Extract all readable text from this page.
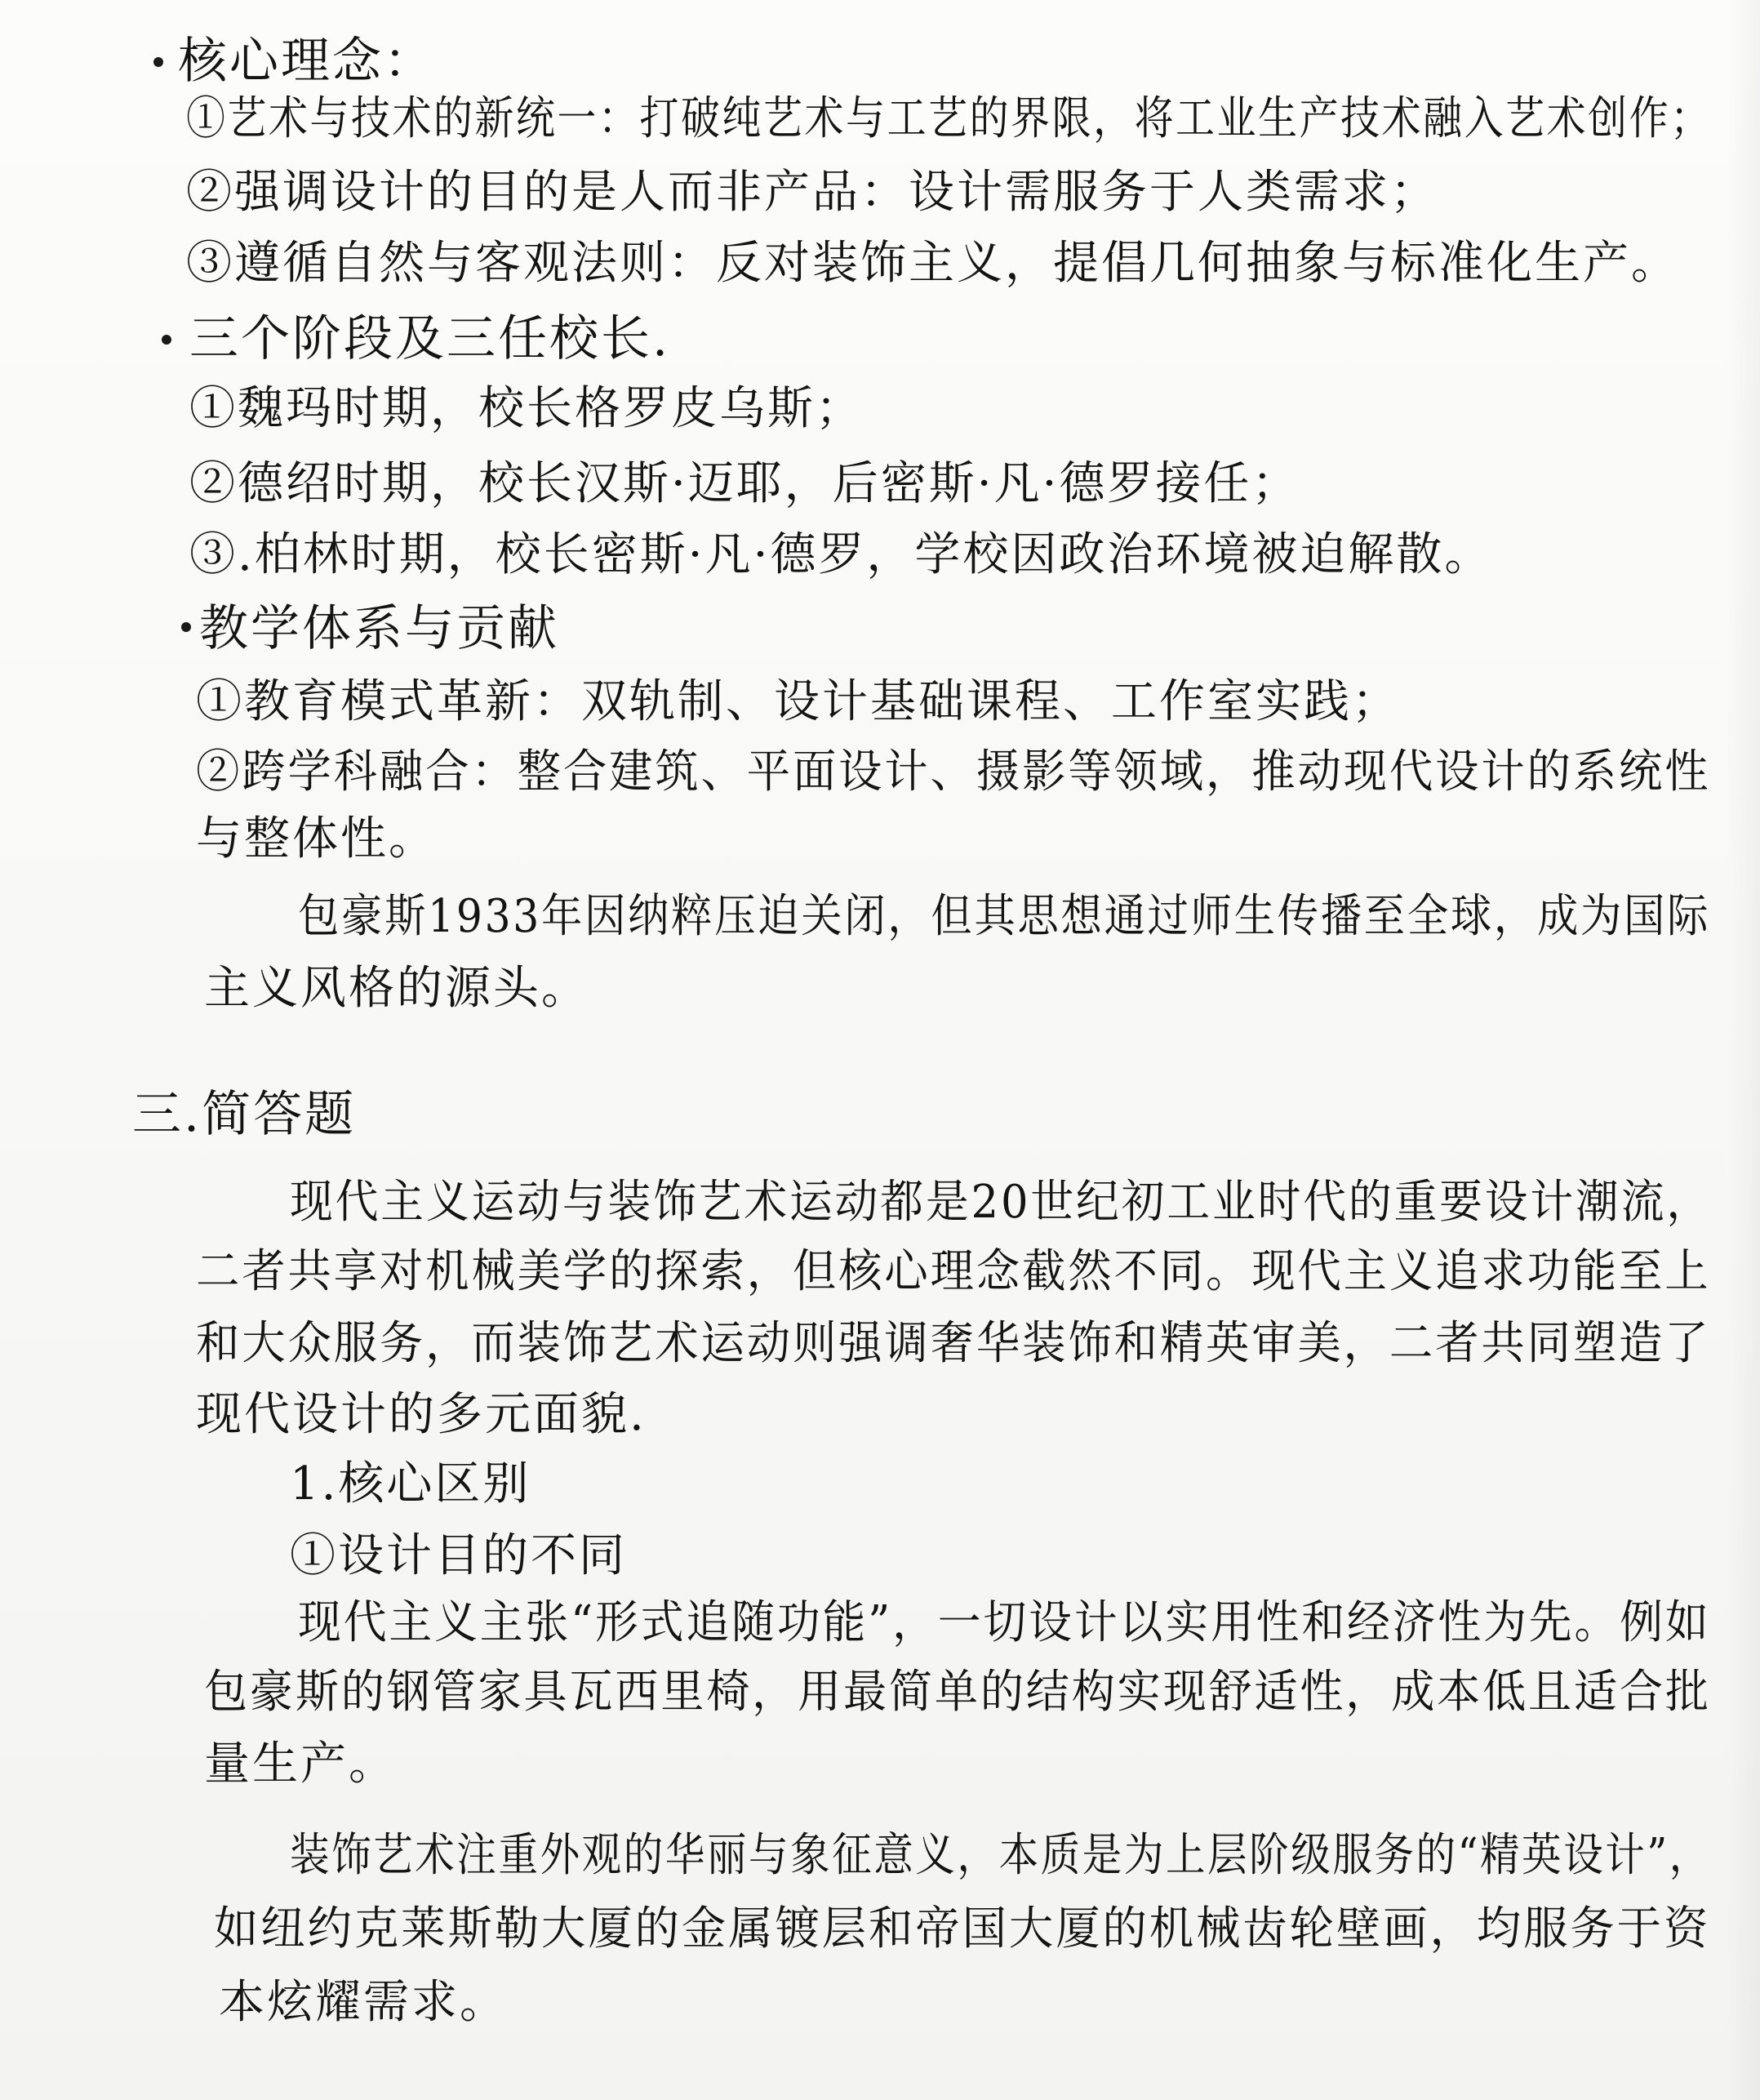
核心理念：
①艺术与技术的新统一：打破纯艺术与工艺的界限，将工业生产技术融入艺术创作；
②强调设计的目的是人而非产品：设计需服务于人类需求；
③遵循自然与客观法则：反对装饰主义，提倡几何抽象与标准化生产。
三个阶段及三任校长.
①魏玛时期，校长格罗皮乌斯；
②德绍时期，校长汉斯·迈耶，后密斯·凡·德罗接任；
③.柏林时期，校长密斯·凡·德罗，学校因政治环境被迫解散。
教学体系与贡献
①教育模式革新：双轨制、设计基础课程、工作室实践；
②跨学科融合：整合建筑、平面设计、摄影等领域，推动现代设计的系统性
与整体性。
包豪斯1933年因纳粹压迫关闭，但其思想通过师生传播至全球，成为国际
主义风格的源头。
三.简答题
现代主义运动与装饰艺术运动都是20世纪初工业时代的重要设计潮流，
二者共享对机械美学的探索，但核心理念截然不同。现代主义追求功能至上
和大众服务，而装饰艺术运动则强调奢华装饰和精英审美，二者共同塑造了
现代设计的多元面貌.
1.核心区别
①设计目的不同
现代主义主张“形式追随功能”，一切设计以实用性和经济性为先。例如
包豪斯的钢管家具瓦西里椅，用最简单的结构实现舒适性，成本低且适合批
量生产。
装饰艺术注重外观的华丽与象征意义，本质是为上层阶级服务的“精英设计”，
如纽约克莱斯勒大厦的金属镀层和帝国大厦的机械齿轮壁画，均服务于资
本炫耀需求。
